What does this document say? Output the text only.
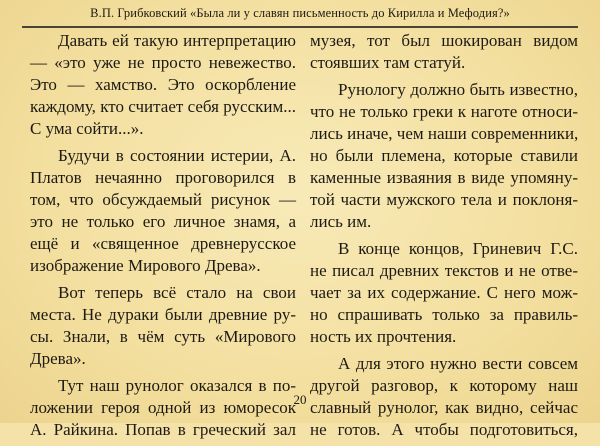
В.П. Грибковский «Была ли у славян письменность до Кирилла и Мефодия?»

Давать ей такую интерпретацию
— «это уже не просто невежество.
Это — хамство. Это оскорбление
каждому, кто считает себя русским...
С ума сойти...».

Будучи в состоянии истерии, А.
Платов нечаянно проговорился в
том, что обсуждаемый рисунок —
это не только его личное знамя, а
ещё и «священное древнерусское
изображение Мирового Древа».

Вот теперь всё стало на свои
места. Не дураки были древние ру-
сы. Знали, в чём суть «Мирового
Древа».

Тут наш рунолог оказался в по-
ложении героя одной из юморесок
А. Райкина. Попав в греческий зал

музея, тот был шокирован видом
стоявших там статуй.

Рунологу должно быть известно,
что не только греки к наготе относи-
лись иначе, чем наши современники,
но были племена, которые ставили
каменные изваяния в виде упомяну-
той части мужского тела и поклоня-
лись им.

В конце концов, Гриневич Г.С.
не писал древних текстов и не отве-
чает за их содержание. С него мож-
но спрашивать только за правиль-
ность их прочтения.

А для этого нужно вести совсем
другой разговор, к которому наш
славный рунолог, как видно, сейчас
не готов. А чтобы подготовиться,

20
